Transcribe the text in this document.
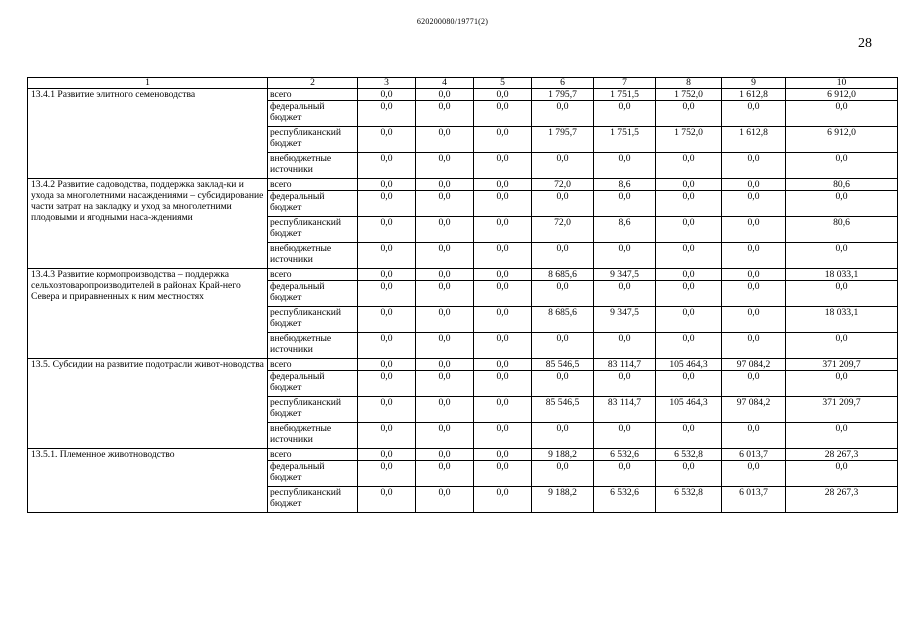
620200080/19771(2)
28
1	2	3	4	5	6	7	8	9	10
13.4.1 Развитие элитного семеноводства	всего	0,0	0,0	0,0	1 795,7	1 751,5	1 752,0	1 612,8	6 912,0
	федеральный бюджет	0,0	0,0	0,0	0,0	0,0	0,0	0,0	0,0
	республиканский бюджет	0,0	0,0	0,0	1 795,7	1 751,5	1 752,0	1 612,8	6 912,0
	внебюджетные источники	0,0	0,0	0,0	0,0	0,0	0,0	0,0	0,0
13.4.2 Развитие садоводства, поддержка заклад-ки и ухода за многолетними насаждениями – субсидирование части затрат на закладку и уход за многолетними плодовыми и ягодными наса-ждениями	всего	0,0	0,0	0,0	72,0	8,6	0,0	0,0	80,6
	федеральный бюджет	0,0	0,0	0,0	0,0	0,0	0,0	0,0	0,0
	республиканский бюджет	0,0	0,0	0,0	72,0	8,6	0,0	0,0	80,6
	внебюджетные источники	0,0	0,0	0,0	0,0	0,0	0,0	0,0	0,0
13.4.3 Развитие кормопроизводства – поддержка сельхозтоваропроизводителей в районах Край-него Севера и приравненных к ним местностях	всего	0,0	0,0	0,0	8 685,6	9 347,5	0,0	0,0	18 033,1
	федеральный бюджет	0,0	0,0	0,0	0,0	0,0	0,0	0,0	0,0
	республиканский бюджет	0,0	0,0	0,0	8 685,6	9 347,5	0,0	0,0	18 033,1
	внебюджетные источники	0,0	0,0	0,0	0,0	0,0	0,0	0,0	0,0
13.5. Субсидии на развитие подотрасли живот-новодства	всего	0,0	0,0	0,0	85 546,5	83 114,7	105 464,3	97 084,2	371 209,7
	федеральный бюджет	0,0	0,0	0,0	0,0	0,0	0,0	0,0	0,0
	республиканский бюджет	0,0	0,0	0,0	85 546,5	83 114,7	105 464,3	97 084,2	371 209,7
	внебюджетные источники	0,0	0,0	0,0	0,0	0,0	0,0	0,0	0,0
13.5.1. Племенное животноводство	всего	0,0	0,0	0,0	9 188,2	6 532,6	6 532,8	6 013,7	28 267,3
	федеральный бюджет	0,0	0,0	0,0	0,0	0,0	0,0	0,0	0,0
	республиканский бюджет	0,0	0,0	0,0	9 188,2	6 532,6	6 532,8	6 013,7	28 267,3
